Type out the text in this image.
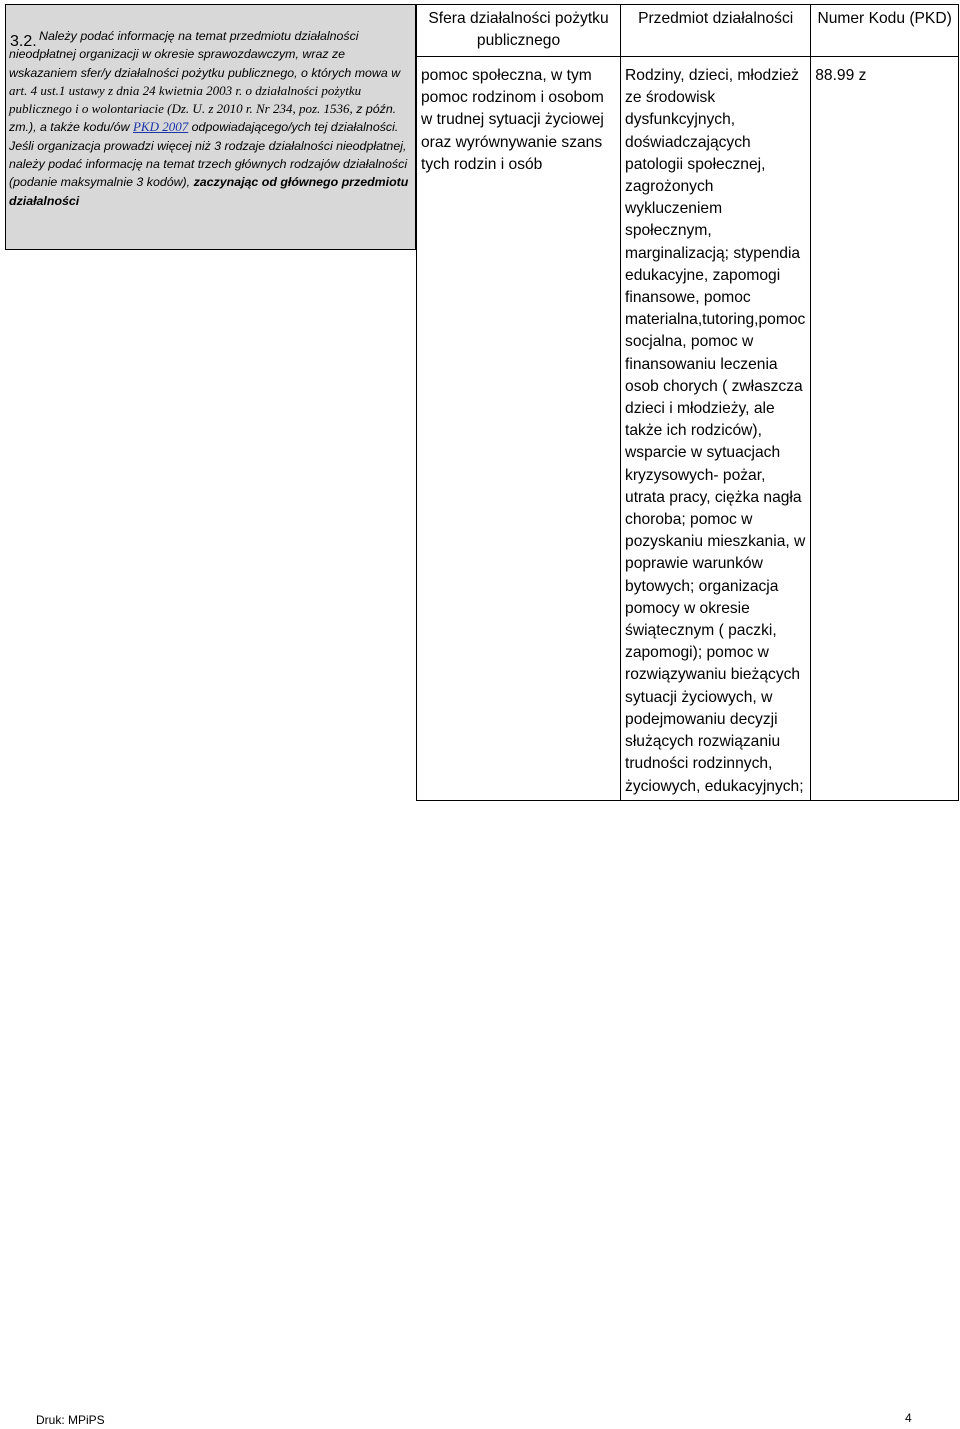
3.2. Należy podać informację na temat przedmiotu działalności nieodpłatnej organizacji w okresie sprawozdawczym, wraz ze wskazaniem sfer/y działalności pożytku publicznego, o których mowa w art. 4 ust.1 ustawy z dnia 24 kwietnia 2003 r. o działalności pożytku publicznego i o wolontariacie (Dz. U. z 2010 r. Nr 234, poz. 1536, z późn. zm.), a także kodu/ów PKD 2007 odpowiadającego/ych tej działalności. Jeśli organizacja prowadzi więcej niż 3 rodzaje działalności nieodpłatnej, należy podać informację na temat trzech głównych rodzajów działalności (podanie maksymalnie 3 kodów), zaczynając od głównego przedmiotu działalności
Sfera działalności pożytku publicznego	Przedmiot działalności	Numer Kodu (PKD)
pomoc społeczna, w tym pomoc rodzinom i osobom w trudnej sytuacji życiowej oraz wyrównywanie szans tych rodzin i osób	Rodziny, dzieci, młodzież ze środowisk dysfunkcyjnych, doświadczających patologii społecznej, zagrożonych wykluczeniem społecznym, marginalizacją; stypendia edukacyjne, zapomogi finansowe, pomoc materialna,tutoring,pomoc socjalna, pomoc w finansowaniu leczenia osob chorych ( zwłaszcza dzieci i młodzieży, ale także ich rodziców), wsparcie w sytuacjach kryzysowych- pożar, utrata pracy, ciężka nagła choroba; pomoc w pozyskaniu mieszkania, w poprawie warunków bytowych; organizacja pomocy w okresie świątecznym ( paczki, zapomogi); pomoc w rozwiązywaniu bieżących sytuacji życiowych, w podejmowaniu decyzji służących rozwiązaniu trudności rodzinnych, życiowych, edukacyjnych;	88.99 z
Druk: MPiPS	4
